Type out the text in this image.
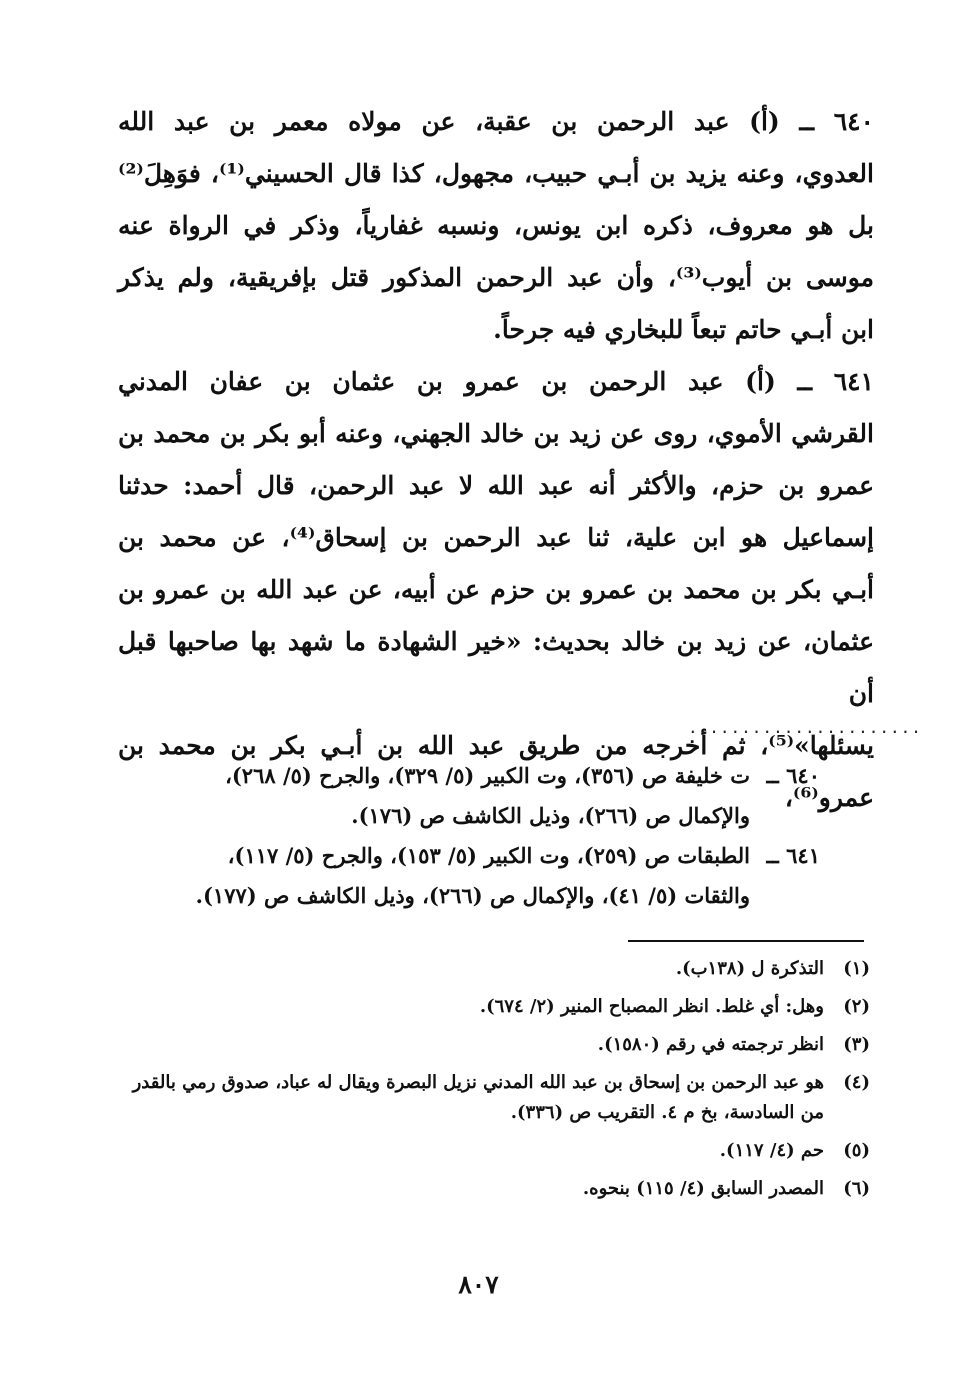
٦٤٠ ــ (أ) عبد الرحمن بن عقبة، عن مولاه معمر بن عبد الله

العدوي، وعنه يزيد بن أبـي حبيب، مجهول، كذا قال الحسيني⁽¹⁾، فوَهِلَ⁽²⁾

بل هو معروف، ذكره ابن يونس، ونسبه غفارياً، وذكر في الرواة عنه

موسى بن أيوب⁽³⁾، وأن عبد الرحمن المذكور قتل بإفريقية، ولم يذكر

ابن أبـي حاتم تبعاً للبخاري فيه جرحاً.

٦٤١ ــ (أ) عبد الرحمن بن عمرو بن عثمان بن عفان المدني

القرشي الأموي، روى عن زيد بن خالد الجهني، وعنه أبو بكر بن محمد بن

عمرو بن حزم، والأكثر أنه عبد الله لا عبد الرحمن، قال أحمد: حدثنا

إسماعيل هو ابن علية، ثنا عبد الرحمن بن إسحاق⁽⁴⁾، عن محمد بن

أبـي بكر بن محمد بن عمرو بن حزم عن أبيه، عن عبد الله بن عمرو بن

عثمان، عن زيد بن خالد بحديث: «خير الشهادة ما شهد بها صاحبها قبل أن

يسئلها»⁽⁵⁾، ثم أخرجه من طريق عبد الله بن أبـي بكر بن محمد بن عمرو⁽⁶⁾،

......................
٦٤٠ ــ
ت خليفة ص (٣٥٦)، وت الكبير (٥/ ٣٢٩)، والجرح (٥/ ٢٦٨)،
والإكمال ص (٢٦٦)، وذيل الكاشف ص (١٧٦).
٦٤١ ــ
الطبقات ص (٢٥٩)، وت الكبير (٥/ ١٥٣)، والجرح (٥/ ١١٧)،
والثقات (٥/ ٤١)، والإكمال ص (٢٦٦)، وذيل الكاشف ص (١٧٧).
(١)
التذكرة ل (١٣٨ب).
(٢)
وهل: أي غلط. انظر المصباح المنير (٢/ ٦٧٤).
(٣)
انظر ترجمته في رقم (١٥٨٠).
(٤)
هو عبد الرحمن بن إسحاق بن عبد الله المدني نزيل البصرة ويقال له عباد، صدوق رمي بالقدر من السادسة، بخ م ٤. التقريب ص (٣٣٦).
(٥)
حم (٤/ ١١٧).
(٦)
المصدر السابق (٤/ ١١٥) بنحوه.
٨٠٧
